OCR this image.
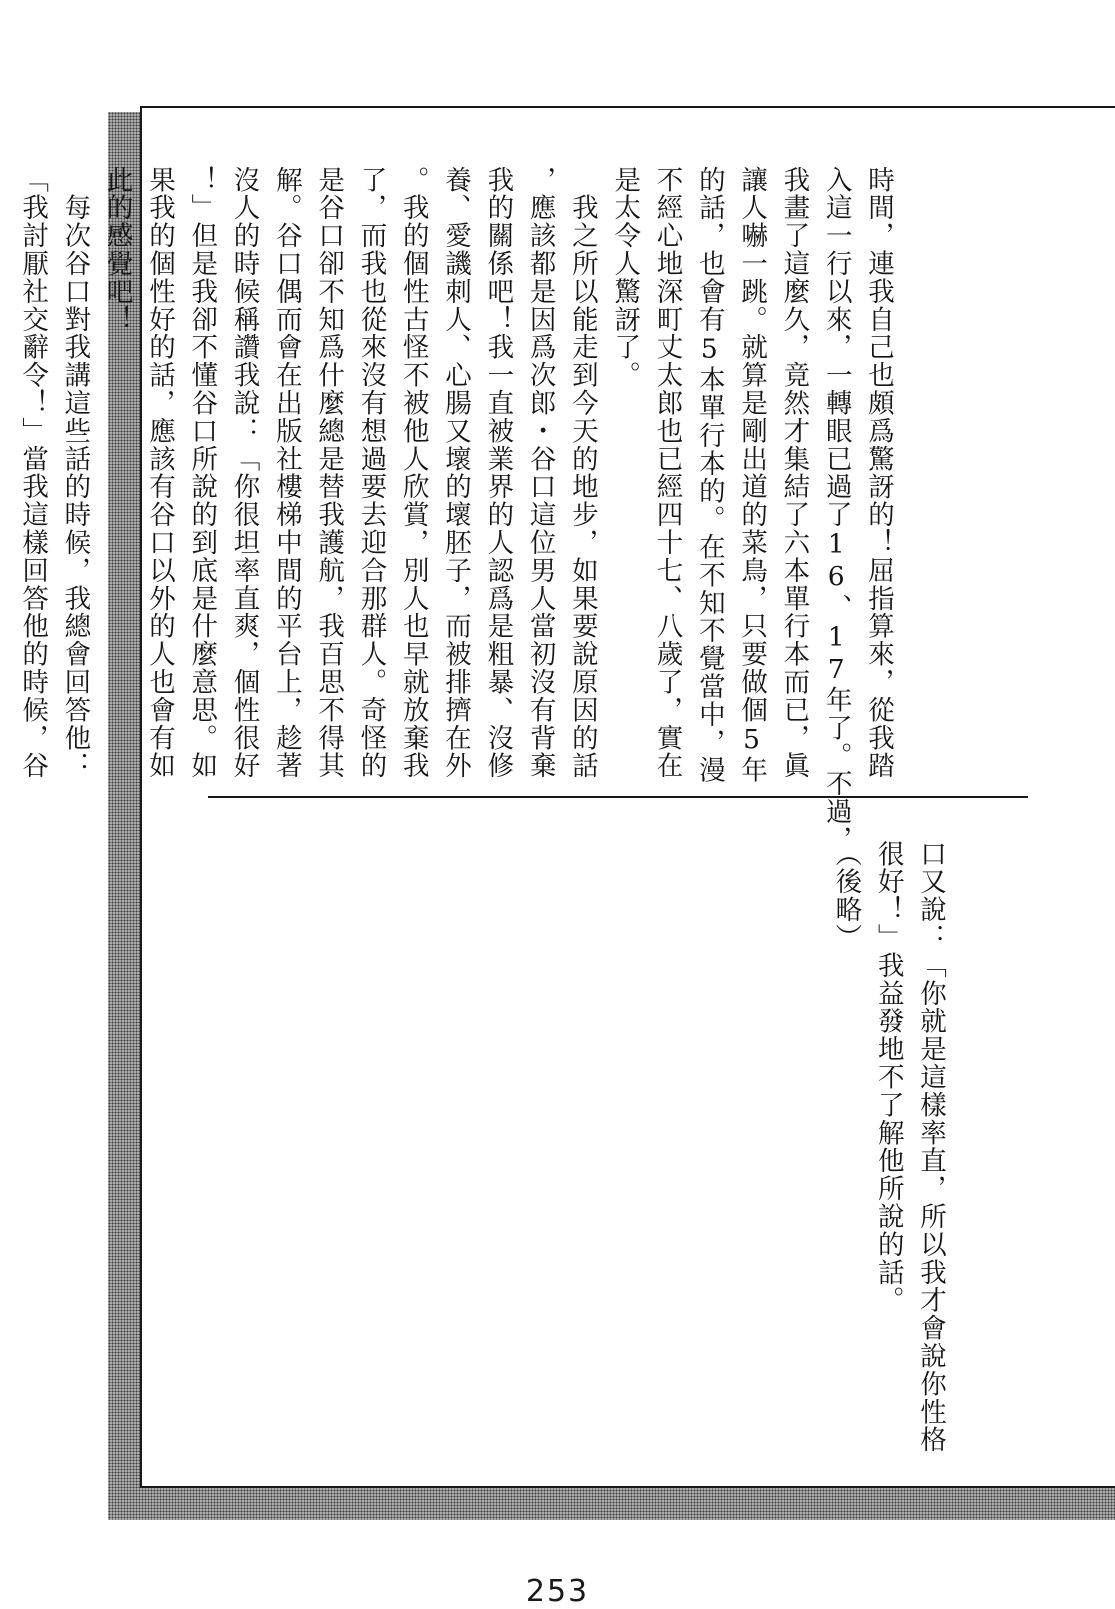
時間，連我自己也頗爲驚訝的！屈指算來，從我踏
入這一行以來，一轉眼已過了16、17年了。不過，
我畫了這麼久，竟然才集結了六本單行本而已，眞
讓人嚇一跳。就算是剛出道的菜鳥，只要做個5年
的話，也會有5本單行本的。在不知不覺當中，漫
不經心地深町丈太郎也已經四十七、八歲了，實在
是太令人驚訝了。
　我之所以能走到今天的地步，如果要說原因的話
，應該都是因爲次郎・谷口這位男人當初沒有背棄
我的關係吧！我一直被業界的人認爲是粗暴、沒修
養、愛譏刺人、心腸又壞的壞胚子，而被排擠在外
。我的個性古怪不被他人欣賞，別人也早就放棄我
了，而我也從來沒有想過要去迎合那群人。奇怪的
是谷口卻不知爲什麼總是替我護航，我百思不得其
解。谷口偶而會在出版社樓梯中間的平台上，趁著
沒人的時候稱讚我說：「你很坦率直爽，個性很好
！」但是我卻不懂谷口所說的到底是什麼意思。如
果我的個性好的話，應該有谷口以外的人也會有如
此的感覺吧！
　每次谷口對我講這些話的時候，我總會回答他：
「我討厭社交辭令！」當我這樣回答他的時候，谷
口又說：「你就是這樣率直，所以我才會說你性格
很好！」我益發地不了解他所說的話。
（後略）
253
